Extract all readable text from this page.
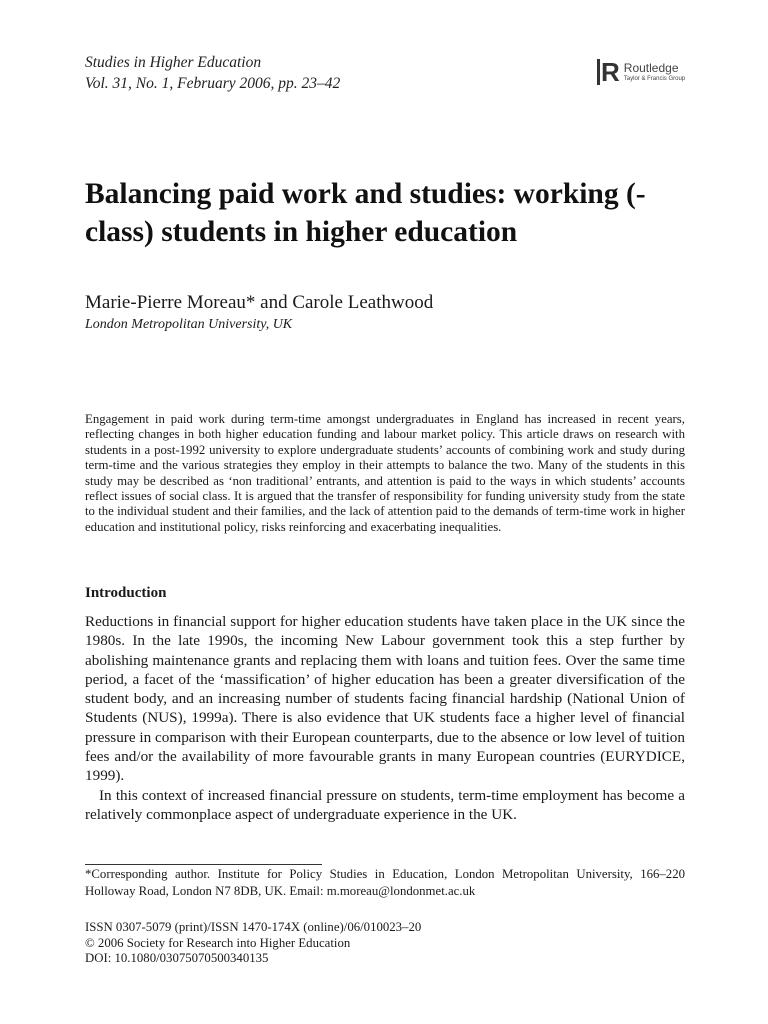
Studies in Higher Education
Vol. 31, No. 1, February 2006, pp. 23–42	R Routledge
Taylor & Francis Group
Balancing paid work and studies: working (-class) students in higher education
Marie-Pierre Moreau* and Carole Leathwood
London Metropolitan University, UK

Engagement in paid work during term-time amongst undergraduates in England has increased in recent years, reflecting changes in both higher education funding and labour market policy. This article draws on research with students in a post-1992 university to explore undergraduate students’ accounts of combining work and study during term-time and the various strategies they employ in their attempts to balance the two. Many of the students in this study may be described as ‘non traditional’ entrants, and attention is paid to the ways in which students’ accounts reflect issues of social class. It is argued that the transfer of responsibility for funding university study from the state to the individual student and their families, and the lack of attention paid to the demands of term-time work in higher education and institutional policy, risks reinforcing and exacerbating inequalities.

Introduction

Reductions in financial support for higher education students have taken place in the UK since the 1980s. In the late 1990s, the incoming New Labour government took this a step further by abolishing maintenance grants and replacing them with loans and tuition fees. Over the same time period, a facet of the ‘massification’ of higher education has been a greater diversification of the student body, and an increasing number of students facing financial hardship (National Union of Students (NUS), 1999a). There is also evidence that UK students face a higher level of financial pressure in comparison with their European counterparts, due to the absence or low level of tuition fees and/or the availability of more favourable grants in many European countries (EURYDICE, 1999).

In this context of increased financial pressure on students, term-time employment has become a relatively commonplace aspect of undergraduate experience in the UK.

*Corresponding author. Institute for Policy Studies in Education, London Metropolitan University, 166–220 Holloway Road, London N7 8DB, UK. Email: m.moreau@londonmet.ac.uk

ISSN 0307-5079 (print)/ISSN 1470-174X (online)/06/010023–20
© 2006 Society for Research into Higher Education
DOI: 10.1080/03075070500340135
